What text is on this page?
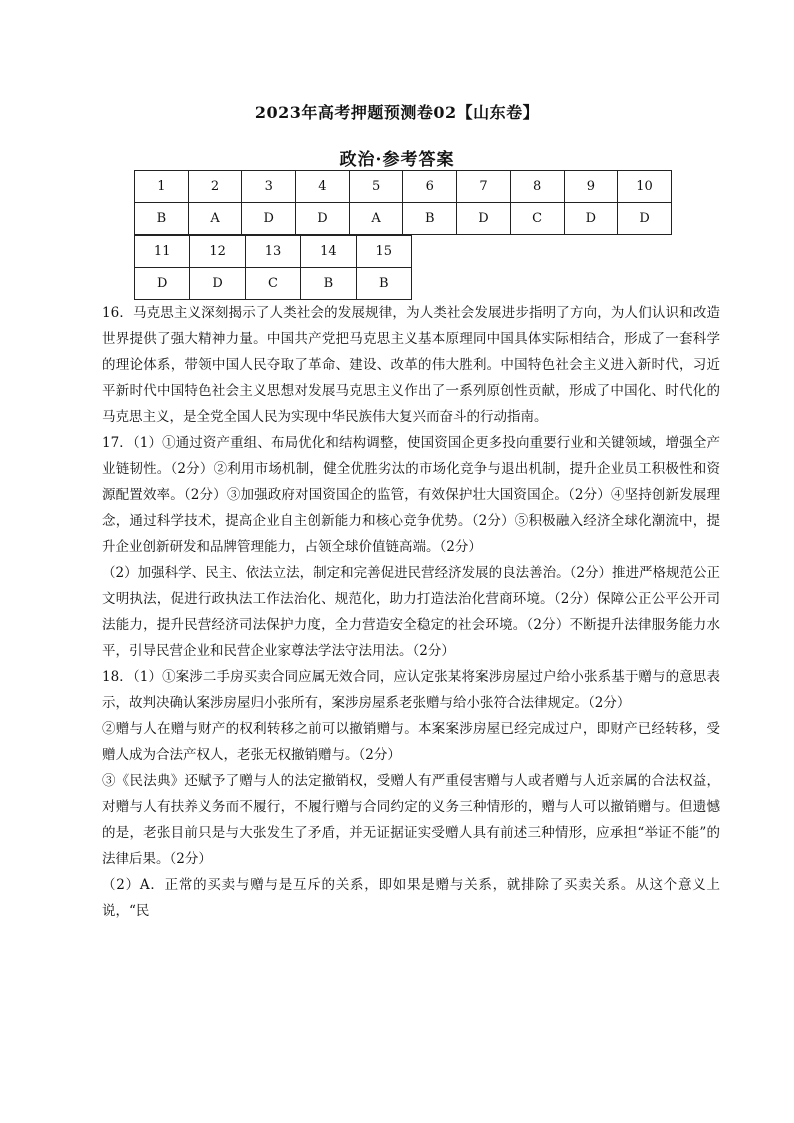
2023年高考押题预测卷02【山东卷】
政治·参考答案
1	2	3	4	5	6	7	8	9	10
B	A	D	D	A	B	D	C	D	D
11	12	13	14	15
D	D	C	B	B

16．马克思主义深刻揭示了人类社会的发展规律，为人类社会发展进步指明了方向，为人们认识和改造世界提供了强大精神力量。中国共产党把马克思主义基本原理同中国具体实际相结合，形成了一套科学的理论体系，带领中国人民夺取了革命、建设、改革的伟大胜利。中国特色社会主义进入新时代，习近平新时代中国特色社会主义思想对发展马克思主义作出了一系列原创性贡献，形成了中国化、时代化的马克思主义，是全党全国人民为实现中华民族伟大复兴而奋斗的行动指南。

17．（1）①通过资产重组、布局优化和结构调整，使国资国企更多投向重要行业和关键领域，增强全产业链韧性。（2分）②利用市场机制，健全优胜劣汰的市场化竞争与退出机制，提升企业员工积极性和资源配置效率。（2分）③加强政府对国资国企的监管，有效保护壮大国资国企。（2分）④坚持创新发展理念，通过科学技术，提高企业自主创新能力和核心竞争优势。（2分）⑤积极融入经济全球化潮流中，提升企业创新研发和品牌管理能力，占领全球价值链高端。（2分）

（2）加强科学、民主、依法立法，制定和完善促进民营经济发展的良法善治。（2分）推进严格规范公正文明执法，促进行政执法工作法治化、规范化，助力打造法治化营商环境。（2分）保障公正公平公开司法能力，提升民营经济司法保护力度，全力营造安全稳定的社会环境。（2分）不断提升法律服务能力水平，引导民营企业和民营企业家尊法学法守法用法。（2分）

18．（1）①案涉二手房买卖合同应属无效合同，应认定张某将案涉房屋过户给小张系基于赠与的意思表示，故判决确认案涉房屋归小张所有，案涉房屋系老张赠与给小张符合法律规定。（2分）

②赠与人在赠与财产的权利转移之前可以撤销赠与。本案案涉房屋已经完成过户，即财产已经转移，受赠人成为合法产权人，老张无权撤销赠与。（2分）

③《民法典》还赋予了赠与人的法定撤销权，受赠人有严重侵害赠与人或者赠与人近亲属的合法权益，对赠与人有扶养义务而不履行，不履行赠与合同约定的义务三种情形的，赠与人可以撤销赠与。但遗憾的是，老张目前只是与大张发生了矛盾，并无证据证实受赠人具有前述三种情形，应承担“举证不能”的法律后果。（2分）

（2）A．正常的买卖与赠与是互斥的关系，即如果是赠与关系，就排除了买卖关系。从这个意义上说，“民
